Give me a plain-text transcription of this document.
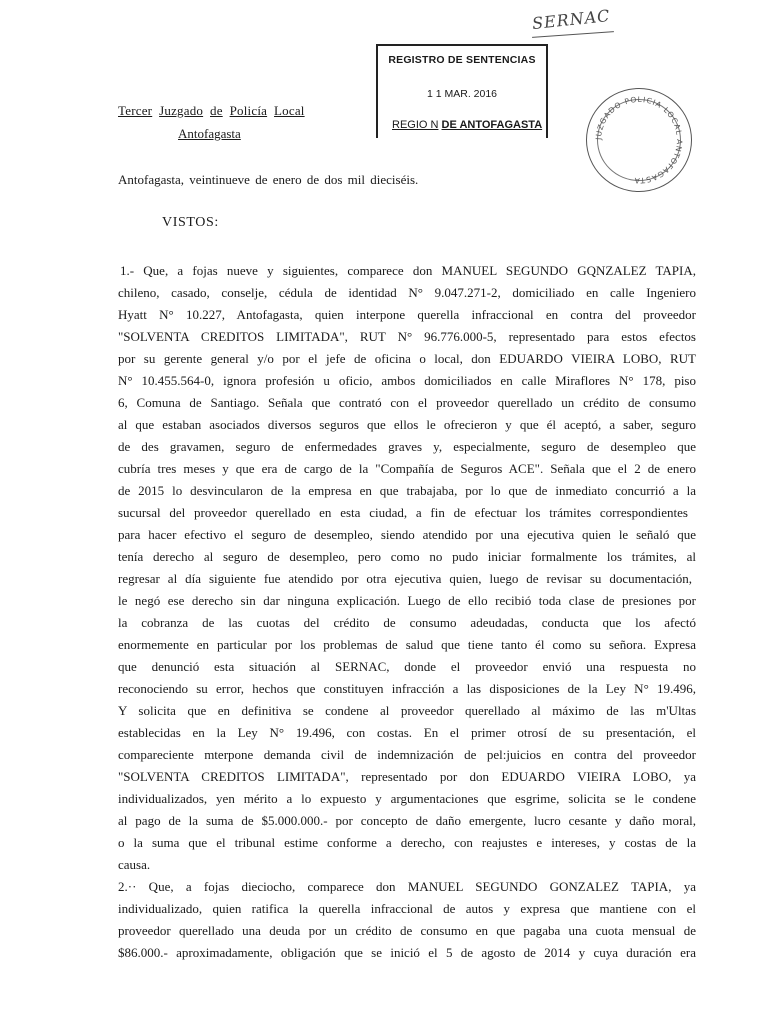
SERNAC
REGISTRO DE SENTENCIAS
1 1 MAR. 2016
REGIO N DE ANTOFAGASTA
Tercer Juzgado de Policía Local
Antofagasta	JUZGADO POLICIA LOCAL ANTOFAGASTA
Antofagasta, veintinueve de enero de dos mil dieciséis.
VISTOS:
1.- Que, a fojas nueve y siguientes, comparece don MANUEL SEGUNDO GQNZALEZ TAPIA,
chileno, casado, conselje, cédula de identidad N° 9.047.271-2, domiciliado en calle Ingeniero
Hyatt N° 10.227, Antofagasta, quien interpone querella infraccional en contra del proveedor
"SOLVENTA CREDITOS LIMITADA", RUT N° 96.776.000-5, representado para estos efectos
por su gerente general y/o por el jefe de oficina o local, don EDUARDO VIEIRA LOBO, RUT
N° 10.455.564-0, ignora profesión u oficio, ambos domiciliados en calle Miraflores N° 178, piso
6, Comuna de Santiago. Señala que contrató con el proveedor querellado un crédito de consumo
al que estaban asociados diversos seguros que ellos le ofrecieron y que él aceptó, a saber, seguro
de des gravamen, seguro de enfermedades graves y, especialmente, seguro de desempleo que
cubría tres meses y que era de cargo de la "Compañía de Seguros ACE". Señala que el 2 de enero
de 2015 lo desvincularon de la empresa en que trabajaba, por lo que de inmediato concurrió a la
sucursal del proveedor querellado en esta ciudad, a fin de efectuar los trámites correspondientes
para hacer efectivo el seguro de desempleo, siendo atendido por una ejecutiva quien le señaló que
tenía derecho al seguro de desempleo, pero como no pudo iniciar formalmente los trámites, al
regresar al día siguiente fue atendido por otra ejecutiva quien, luego de revisar su documentación,
le negó ese derecho sin dar ninguna explicación. Luego de ello recibió toda clase de presiones por
la cobranza de las cuotas del crédito de consumo adeudadas, conducta que los afectó
enormemente en particular por los problemas de salud que tiene tanto él como su señora. Expresa
que denunció esta situación al SERNAC, donde el proveedor envió una respuesta no
reconociendo su error, hechos que constituyen infracción a las disposiciones de la Ley N° 19.496,
Y solicita que en definitiva se condene al proveedor querellado al máximo de las m'Ultas
establecidas en la Ley N° 19.496, con costas. En el primer otrosí de su presentación, el
compareciente mterpone demanda civil de indemnización de pel:juicios en contra del proveedor
"SOLVENTA CREDITOS LIMITADA", representado por don EDUARDO VIEIRA LOBO, ya
individualizados, yen mérito a lo expuesto y argumentaciones que esgrime, solicita se le condene
al pago de la suma de $5.000.000.- por concepto de daño emergente, lucro cesante y daño moral,
o la suma que el tribunal estime conforme a derecho, con reajustes e intereses, y costas de la
causa.
2.·· Que, a fojas dieciocho, comparece don MANUEL SEGUNDO GONZALEZ TAPIA, ya
individualizado, quien ratifica la querella infraccional de autos y expresa que mantiene con el
proveedor querellado una deuda por un crédito de consumo en que pagaba una cuota mensual de
$86.000.- aproximadamente, obligación que se inició el 5 de agosto de 2014 y cuya duración era
